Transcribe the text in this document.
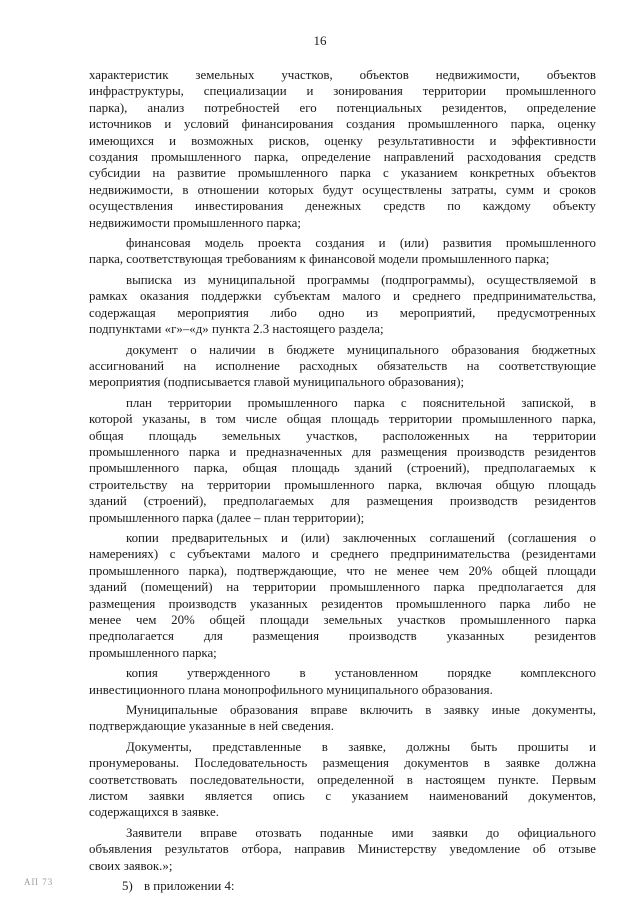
16
характеристик земельных участков, объектов недвижимости, объектов
инфраструктуры, специализации и зонирования территории промышленного
парка), анализ потребностей его потенциальных резидентов, определение
источников и условий финансирования создания промышленного парка, оценку
имеющихся и возможных рисков, оценку результативности и эффективности
создания промышленного парка, определение направлений расходования средств
субсидии на развитие промышленного парка с указанием конкретных объектов
недвижимости, в отношении которых будут осуществлены затраты, сумм и сроков
осуществления инвестирования денежных средств по каждому объекту
недвижимости промышленного парка;
финансовая модель проекта создания и (или) развития промышленного
парка, соответствующая требованиям к финансовой модели промышленного парка;
выписка из муниципальной программы (подпрограммы), осуществляемой в
рамках оказания поддержки субъектам малого и среднего предпринимательства,
содержащая мероприятия либо одно из мероприятий, предусмотренных
подпунктами «г»–«д» пункта 2.3 настоящего раздела;
документ о наличии в бюджете муниципального образования бюджетных
ассигнований на исполнение расходных обязательств на соответствующие
мероприятия (подписывается главой муниципального образования);
план территории промышленного парка с пояснительной запиской, в
которой указаны, в том числе общая площадь территории промышленного парка,
общая площадь земельных участков, расположенных на территории
промышленного парка и предназначенных для размещения производств резидентов
промышленного парка, общая площадь зданий (строений), предполагаемых к
строительству на территории промышленного парка, включая общую площадь
зданий (строений), предполагаемых для размещения производств резидентов
промышленного парка (далее – план территории);
копии предварительных и (или) заключенных соглашений (соглашения о
намерениях) с субъектами малого и среднего предпринимательства (резидентами
промышленного парка), подтверждающие, что не менее чем 20% общей площади
зданий (помещений) на территории промышленного парка предполагается для
размещения производств указанных резидентов промышленного парка либо не
менее чем 20% общей площади земельных участков промышленного парка
предполагается для размещения производств указанных резидентов
промышленного парка;
копия утвержденного в установленном порядке комплексного
инвестиционного плана монопрофильного муниципального образования.
Муниципальные образования вправе включить в заявку иные документы,
подтверждающие указанные в ней сведения.
Документы, представленные в заявке, должны быть прошиты и
пронумерованы. Последовательность размещения документов в заявке должна
соответствовать последовательности, определенной в настоящем пункте. Первым
листом заявки является опись с указанием наименований документов,
содержащихся в заявке.
Заявители вправе отозвать поданные ими заявки до официального
объявления результатов отбора, направив Министерству уведомление об отзыве
своих заявок.»;
5) в приложении 4:
АП 73
